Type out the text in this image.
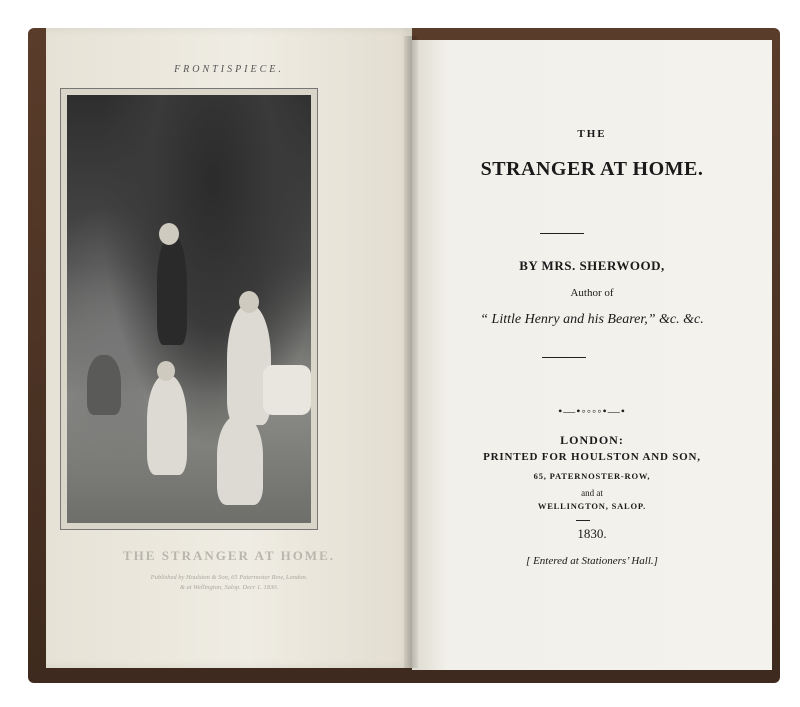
FRONTISPIECE.
THE STRANGER AT HOME.
Published by Houlston & Son, 65 Paternoster Row, London.
& at Wellington, Salop. Decr 1. 1830.
THE
STRANGER AT HOME.
BY MRS. SHERWOOD,
Author of
“ Little Henry and his Bearer,” &c. &c.
•—•◦◦◦◦•—•
LONDON:
PRINTED FOR HOULSTON AND SON,
65, PATERNOSTER-ROW,
and at
WELLINGTON, SALOP.
1830.
[ Entered at Stationers’ Hall.]
